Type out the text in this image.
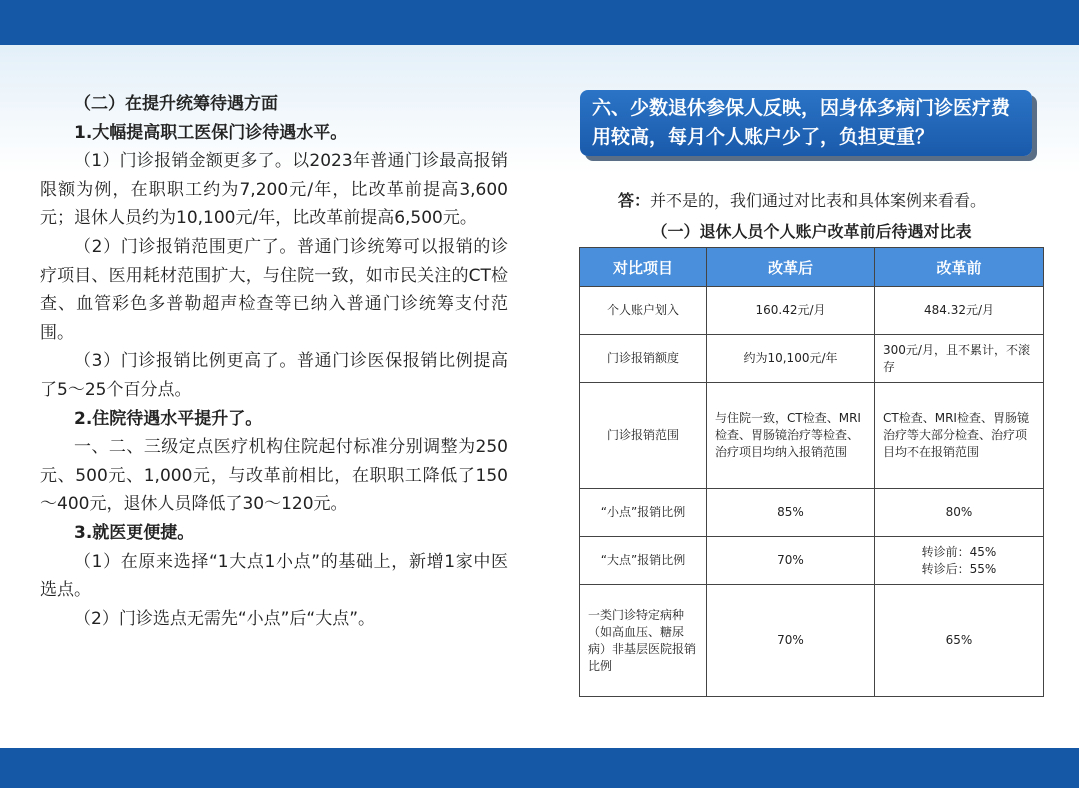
（二）在提升统筹待遇方面

1.大幅提高职工医保门诊待遇水平。

（1）门诊报销金额更多了。以2023年普通门诊最高报销限额为例，在职职工约为7,200元/年，比改革前提高3,600元；退休人员约为10,100元/年，比改革前提高6,500元。

（2）门诊报销范围更广了。普通门诊统筹可以报销的诊疗项目、医用耗材范围扩大，与住院一致，如市民关注的CT检查、血管彩色多普勒超声检查等已纳入普通门诊统筹支付范围。

（3）门诊报销比例更高了。普通门诊医保报销比例提高了5～25个百分点。

2.住院待遇水平提升了。

一、二、三级定点医疗机构住院起付标准分别调整为250元、500元、1,000元，与改革前相比，在职职工降低了150～400元，退休人员降低了30～120元。

3.就医更便捷。

（1）在原来选择“1大点1小点”的基础上，新增1家中医选点。

（2）门诊选点无需先“小点”后“大点”。

六、少数退休参保人反映，因身体多病门诊医疗费用较高，每月个人账户少了，负担更重？
答：并不是的，我们通过对比表和具体案例来看看。
（一）退休人员个人账户改革前后待遇对比表
对比项目	改革后	改革前
个人账户划入	160.42元/月	484.32元/月
门诊报销额度	约为10,100元/年	300元/月，且不累计，不滚存
门诊报销范围	与住院一致，CT检查、MRI检查、胃肠镜治疗等检查、治疗项目均纳入报销范围	CT检查、MRI检查、胃肠镜治疗等大部分检查、治疗项目均不在报销范围
“小点”报销比例	85%	80%
“大点”报销比例	70%	转诊前：45%
转诊后：55%
一类门诊特定病种（如高血压、糖尿病）非基层医院报销比例	70%	65%
